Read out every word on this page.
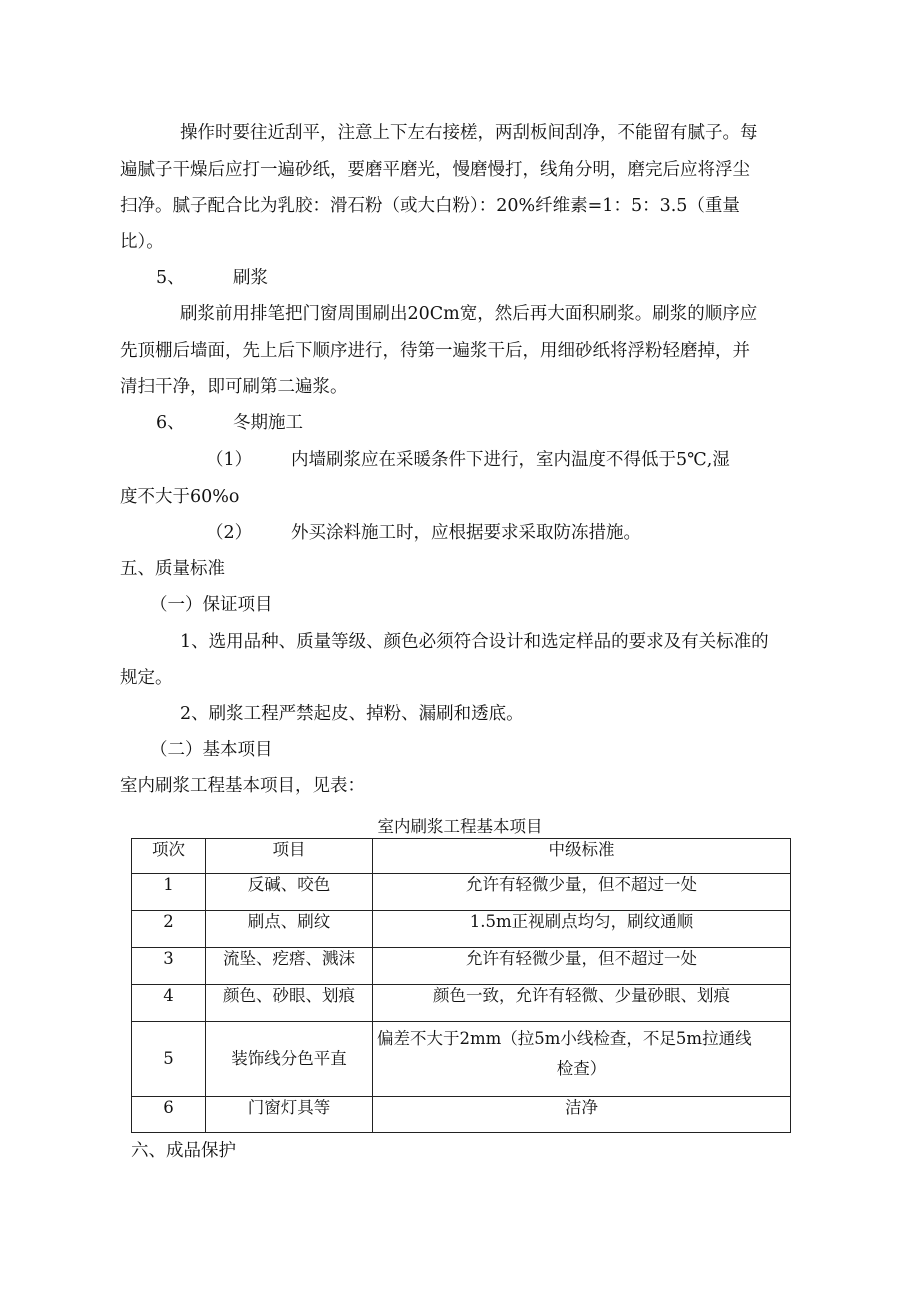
操作时要往近刮平，注意上下左右接槎，两刮板间刮净，不能留有腻子。每
遍腻子干燥后应打一遍砂纸，要磨平磨光，慢磨慢打，线角分明，磨完后应将浮尘
扫净。腻子配合比为乳胶：滑石粉（或大白粉）：20%纤维素=1：5：3.5（重量
比）。
5、	刷浆
刷浆前用排笔把门窗周围刷出20Cm宽，然后再大面积刷浆。刷浆的顺序应
先顶棚后墙面，先上后下顺序进行，待第一遍浆干后，用细砂纸将浮粉轻磨掉，并
清扫干净，即可刷第二遍浆。
6、	冬期施工
（1） 内墙刷浆应在采暖条件下进行，室内温度不得低于5℃,湿
度不大于60%o
（2） 外买涂料施工时，应根据要求采取防冻措施。
五、质量标准
（一）保证项目
1、选用品种、质量等级、颜色必须符合设计和选定样品的要求及有关标准的
规定。
2、刷浆工程严禁起皮、掉粉、漏刷和透底。
（二）基本项目
室内刷浆工程基本项目，见表：
室内刷浆工程基本项目
项次	项目	中级标准
1	反碱、咬色	允许有轻微少量，但不超过一处
2	刷点、刷纹	1.5m正视刷点均匀，刷纹通顺
3	流坠、疙瘩、溅沫	允许有轻微少量，但不超过一处
4	颜色、砂眼、划痕	颜色一致，允许有轻微、少量砂眼、划痕
5	装饰线分色平直	偏差不大于2mm（拉5m小线检查，不足5m拉通线
检查）

6	门窗灯具等	洁净
六、成品保护
